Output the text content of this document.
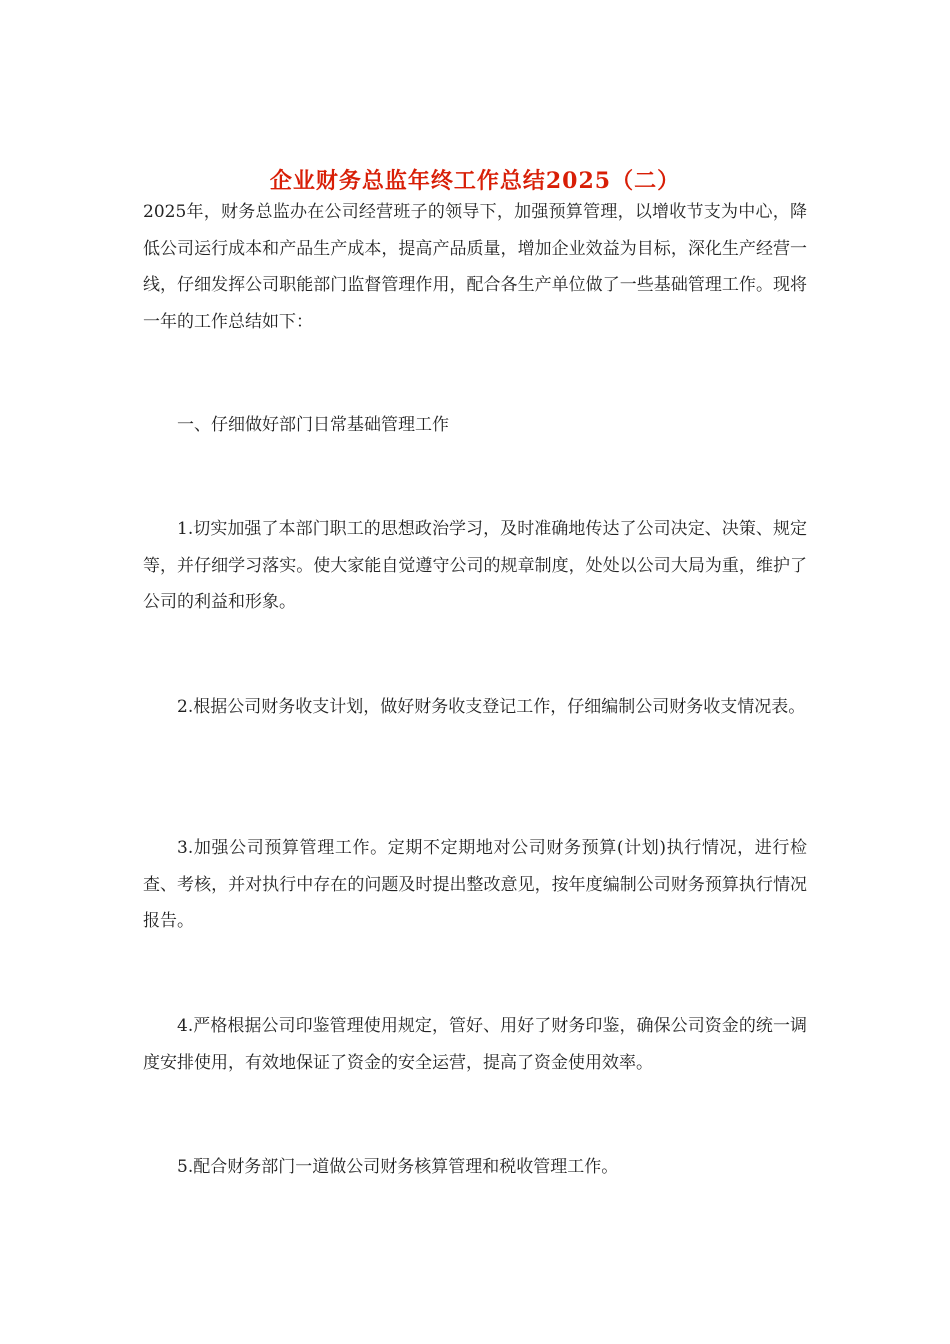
企业财务总监年终工作总结2025（二）

2025年，财务总监办在公司经营班子的领导下，加强预算管理，以增收节支为中心，降低公司运行成本和产品生产成本，提高产品质量，增加企业效益为目标，深化生产经营一线，仔细发挥公司职能部门监督管理作用，配合各生产单位做了一些基础管理工作。现将一年的工作总结如下：

一、仔细做好部门日常基础管理工作

1.切实加强了本部门职工的思想政治学习，及时准确地传达了公司决定、决策、规定等，并仔细学习落实。使大家能自觉遵守公司的规章制度，处处以公司大局为重，维护了公司的利益和形象。

2.根据公司财务收支计划，做好财务收支登记工作，仔细编制公司财务收支情况表。

3.加强公司预算管理工作。定期不定期地对公司财务预算(计划)执行情况，进行检查、考核，并对执行中存在的问题及时提出整改意见，按年度编制公司财务预算执行情况报告。

4.严格根据公司印鉴管理使用规定，管好、用好了财务印鉴，确保公司资金的统一调度安排使用，有效地保证了资金的安全运营，提高了资金使用效率。

5.配合财务部门一道做公司财务核算管理和税收管理工作。
